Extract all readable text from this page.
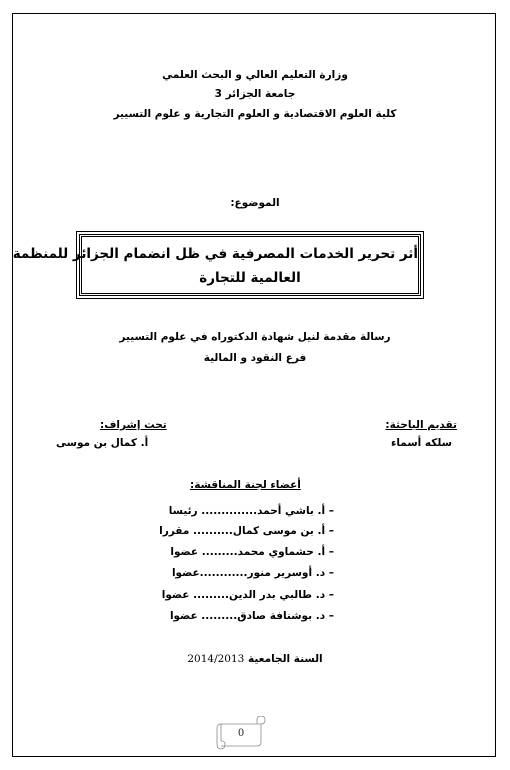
وزارة التعليم العالي و البحث العلمي
جامعة الجزائر 3
كلية العلوم الاقتصادية و العلوم التجارية و علوم التسيير
الموضوع:
أثر تحرير الخدمات المصرفية في ظل انضمام الجزائر للمنظمة
العالمية للتجارة
رسالة مقدمة لنيل شهادة الدكتوراه في علوم التسيير
فرع النقود و المالية
تقديم الباحثة:
سلكه أسماء
تحت إشراف:
أ. كمال بن موسى
أعضاء لجنة المناقشة:
– أ. باشي أحمد.............. رئيسا
– أ. بن موسى كمال.......... مقررا
– أ. حشماوي محمد......... عضوا
– د. أوسرير منور............عضوا
– د. طالبي بدر الدين......... عضوا
– د. بوشنافة صادق......... عضوا
السنة الجامعية 2014/2013
0
